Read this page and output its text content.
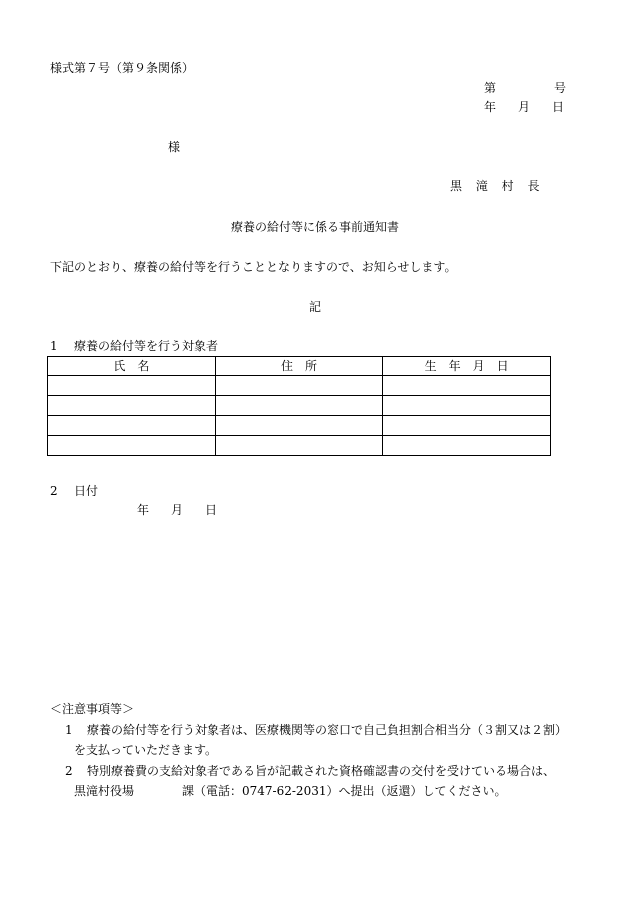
様式第７号（第９条関係）
第	号
年 月 日
様
黒 滝 村 長
療養の給付等に係る事前通知書
下記のとおり、療養の給付等を行うこととなりますので、お知らせします。
記
1 療養の給付等を行う対象者
氏　名	住　所	生　年　月　日

2 日付
年 月 日
＜注意事項等＞
1 療養の給付等を行う対象者は、医療機関等の窓口で自己負担割合相当分（３割又は２割）
を支払っていただきます。
2 特別療養費の支給対象者である旨が記載された資格確認書の交付を受けている場合は、
黒滝村役場	課（電話：0747-62-2031）へ提出（返還）してください。
